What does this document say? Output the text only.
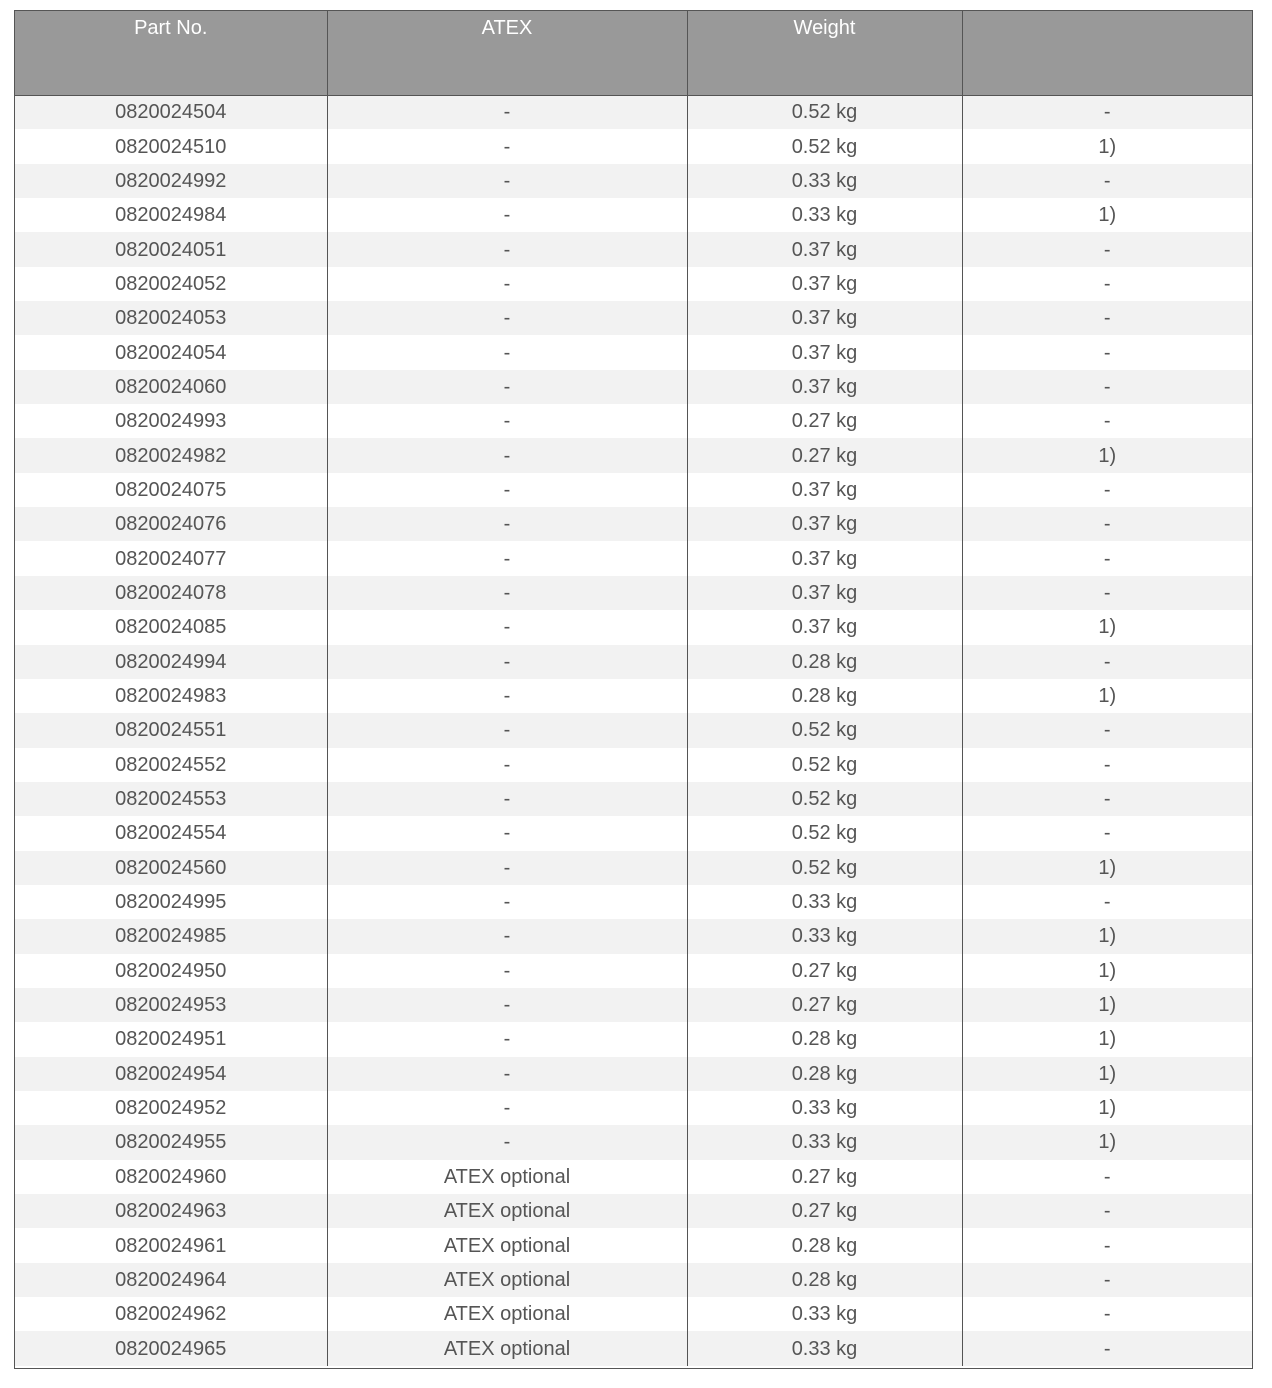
Part No.	ATEX	Weight	
0820024504	-	0.52 kg	-
0820024510	-	0.52 kg	1)
0820024992	-	0.33 kg	-
0820024984	-	0.33 kg	1)
0820024051	-	0.37 kg	-
0820024052	-	0.37 kg	-
0820024053	-	0.37 kg	-
0820024054	-	0.37 kg	-
0820024060	-	0.37 kg	-
0820024993	-	0.27 kg	-
0820024982	-	0.27 kg	1)
0820024075	-	0.37 kg	-
0820024076	-	0.37 kg	-
0820024077	-	0.37 kg	-
0820024078	-	0.37 kg	-
0820024085	-	0.37 kg	1)
0820024994	-	0.28 kg	-
0820024983	-	0.28 kg	1)
0820024551	-	0.52 kg	-
0820024552	-	0.52 kg	-
0820024553	-	0.52 kg	-
0820024554	-	0.52 kg	-
0820024560	-	0.52 kg	1)
0820024995	-	0.33 kg	-
0820024985	-	0.33 kg	1)
0820024950	-	0.27 kg	1)
0820024953	-	0.27 kg	1)
0820024951	-	0.28 kg	1)
0820024954	-	0.28 kg	1)
0820024952	-	0.33 kg	1)
0820024955	-	0.33 kg	1)
0820024960	ATEX optional	0.27 kg	-
0820024963	ATEX optional	0.27 kg	-
0820024961	ATEX optional	0.28 kg	-
0820024964	ATEX optional	0.28 kg	-
0820024962	ATEX optional	0.33 kg	-
0820024965	ATEX optional	0.33 kg	-
